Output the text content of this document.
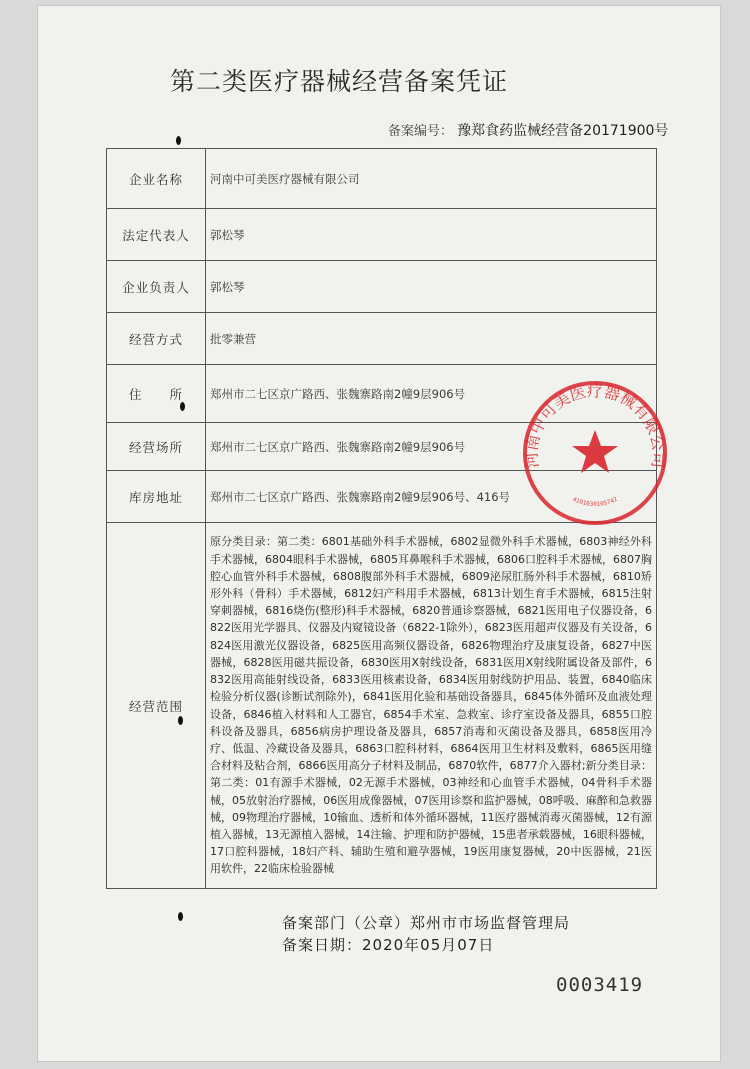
第二类医疗器械经营备案凭证
备案编号： 豫郑食药监械经营备20171900号
企业名称	河南中可美医疗器械有限公司
法定代表人	郭松琴
企业负责人	郭松琴
经营方式	批零兼营
住　　所	郑州市二七区京广路西、张魏寨路南2幢9层906号
经营场所	郑州市二七区京广路西、张魏寨路南2幢9层906号
库房地址	郑州市二七区京广路西、张魏寨路南2幢9层906号、416号
经营范围	原分类目录：第二类：6801基础外科手术器械，6802显微外科手术器械，6803神经外科手术器械，6804眼科手术器械，6805耳鼻喉科手术器械，6806口腔科手术器械，6807胸腔心血管外科手术器械，6808腹部外科手术器械，6809泌尿肛肠外科手术器械，6810矫形外科（骨科）手术器械，6812妇产科用手术器械，6813计划生育手术器械，6815注射穿刺器械，6816烧伤(整形)科手术器械，6820普通诊察器械，6821医用电子仪器设备，6822医用光学器具、仪器及内窥镜设备（6822-1除外），6823医用超声仪器及有关设备，6824医用激光仪器设备，6825医用高频仪器设备，6826物理治疗及康复设备，6827中医器械，6828医用磁共振设备，6830医用X射线设备，6831医用X射线附属设备及部件，6832医用高能射线设备，6833医用核素设备，6834医用射线防护用品、装置，6840临床检验分析仪器(诊断试剂除外)，6841医用化验和基础设备器具，6845体外循环及血液处理设备，6846植入材料和人工器官，6854手术室、急救室、诊疗室设备及器具，6855口腔科设备及器具，6856病房护理设备及器具，6857消毒和灭菌设备及器具，6858医用冷疗、低温、冷藏设备及器具，6863口腔科材料，6864医用卫生材料及敷料，6865医用缝合材料及粘合剂，6866医用高分子材料及制品，6870软件，6877介入器材;新分类目录：第二类：01有源手术器械，02无源手术器械，03神经和心血管手术器械，04骨科手术器械，05放射治疗器械，06医用成像器械，07医用诊察和监护器械，08呼吸、麻醉和急救器械，09物理治疗器械，10输血、透析和体外循环器械，11医疗器械消毒灭菌器械，12有源植入器械，13无源植入器械，14注输、护理和防护器械，15患者承载器械，16眼科器械，17口腔科器械，18妇产科、辅助生殖和避孕器械，19医用康复器械，20中医器械，21医用软件，22临床检验器械
河南中可美医疗器械有限公司
4101030105742
备案部门（公章）郑州市市场监督管理局
备案日期：2020年05月07日
0003419
